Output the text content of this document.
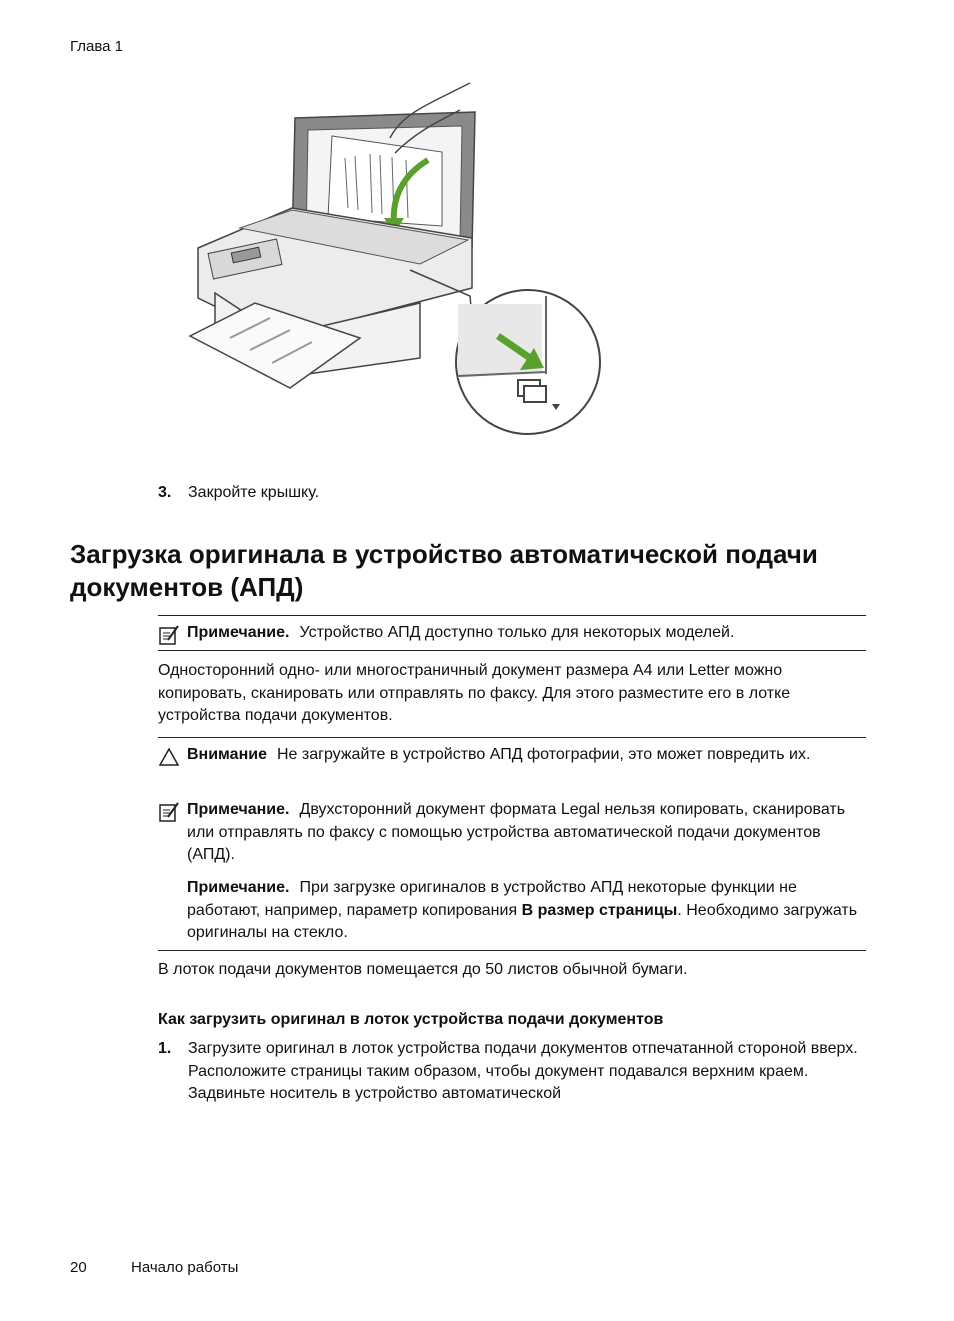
Глава 1
3. Закройте крышку.
Загрузка оригинала в устройство автоматической подачи документов (АПД)
Примечание. Устройство АПД доступно только для некоторых моделей.
Односторонний одно- или многостраничный документ размера A4 или Letter можно копировать, сканировать или отправлять по факсу. Для этого разместите его в лотке устройства подачи документов.
Внимание Не загружайте в устройство АПД фотографии, это может повредить их.
Примечание. Двухсторонний документ формата Legal нельзя копировать, сканировать или отправлять по факсу с помощью устройства автоматической подачи документов (АПД).
Примечание. При загрузке оригиналов в устройство АПД некоторые функции не работают, например, параметр копирования В размер страницы. Необходимо загружать оригиналы на стекло.
В лоток подачи документов помещается до 50 листов обычной бумаги.
Как загрузить оригинал в лоток устройства подачи документов
1. Загрузите оригинал в лоток устройства подачи документов отпечатанной стороной вверх. Расположите страницы таким образом, чтобы документ подавался верхним краем. Задвиньте носитель в устройство автоматической
20	Начало работы
